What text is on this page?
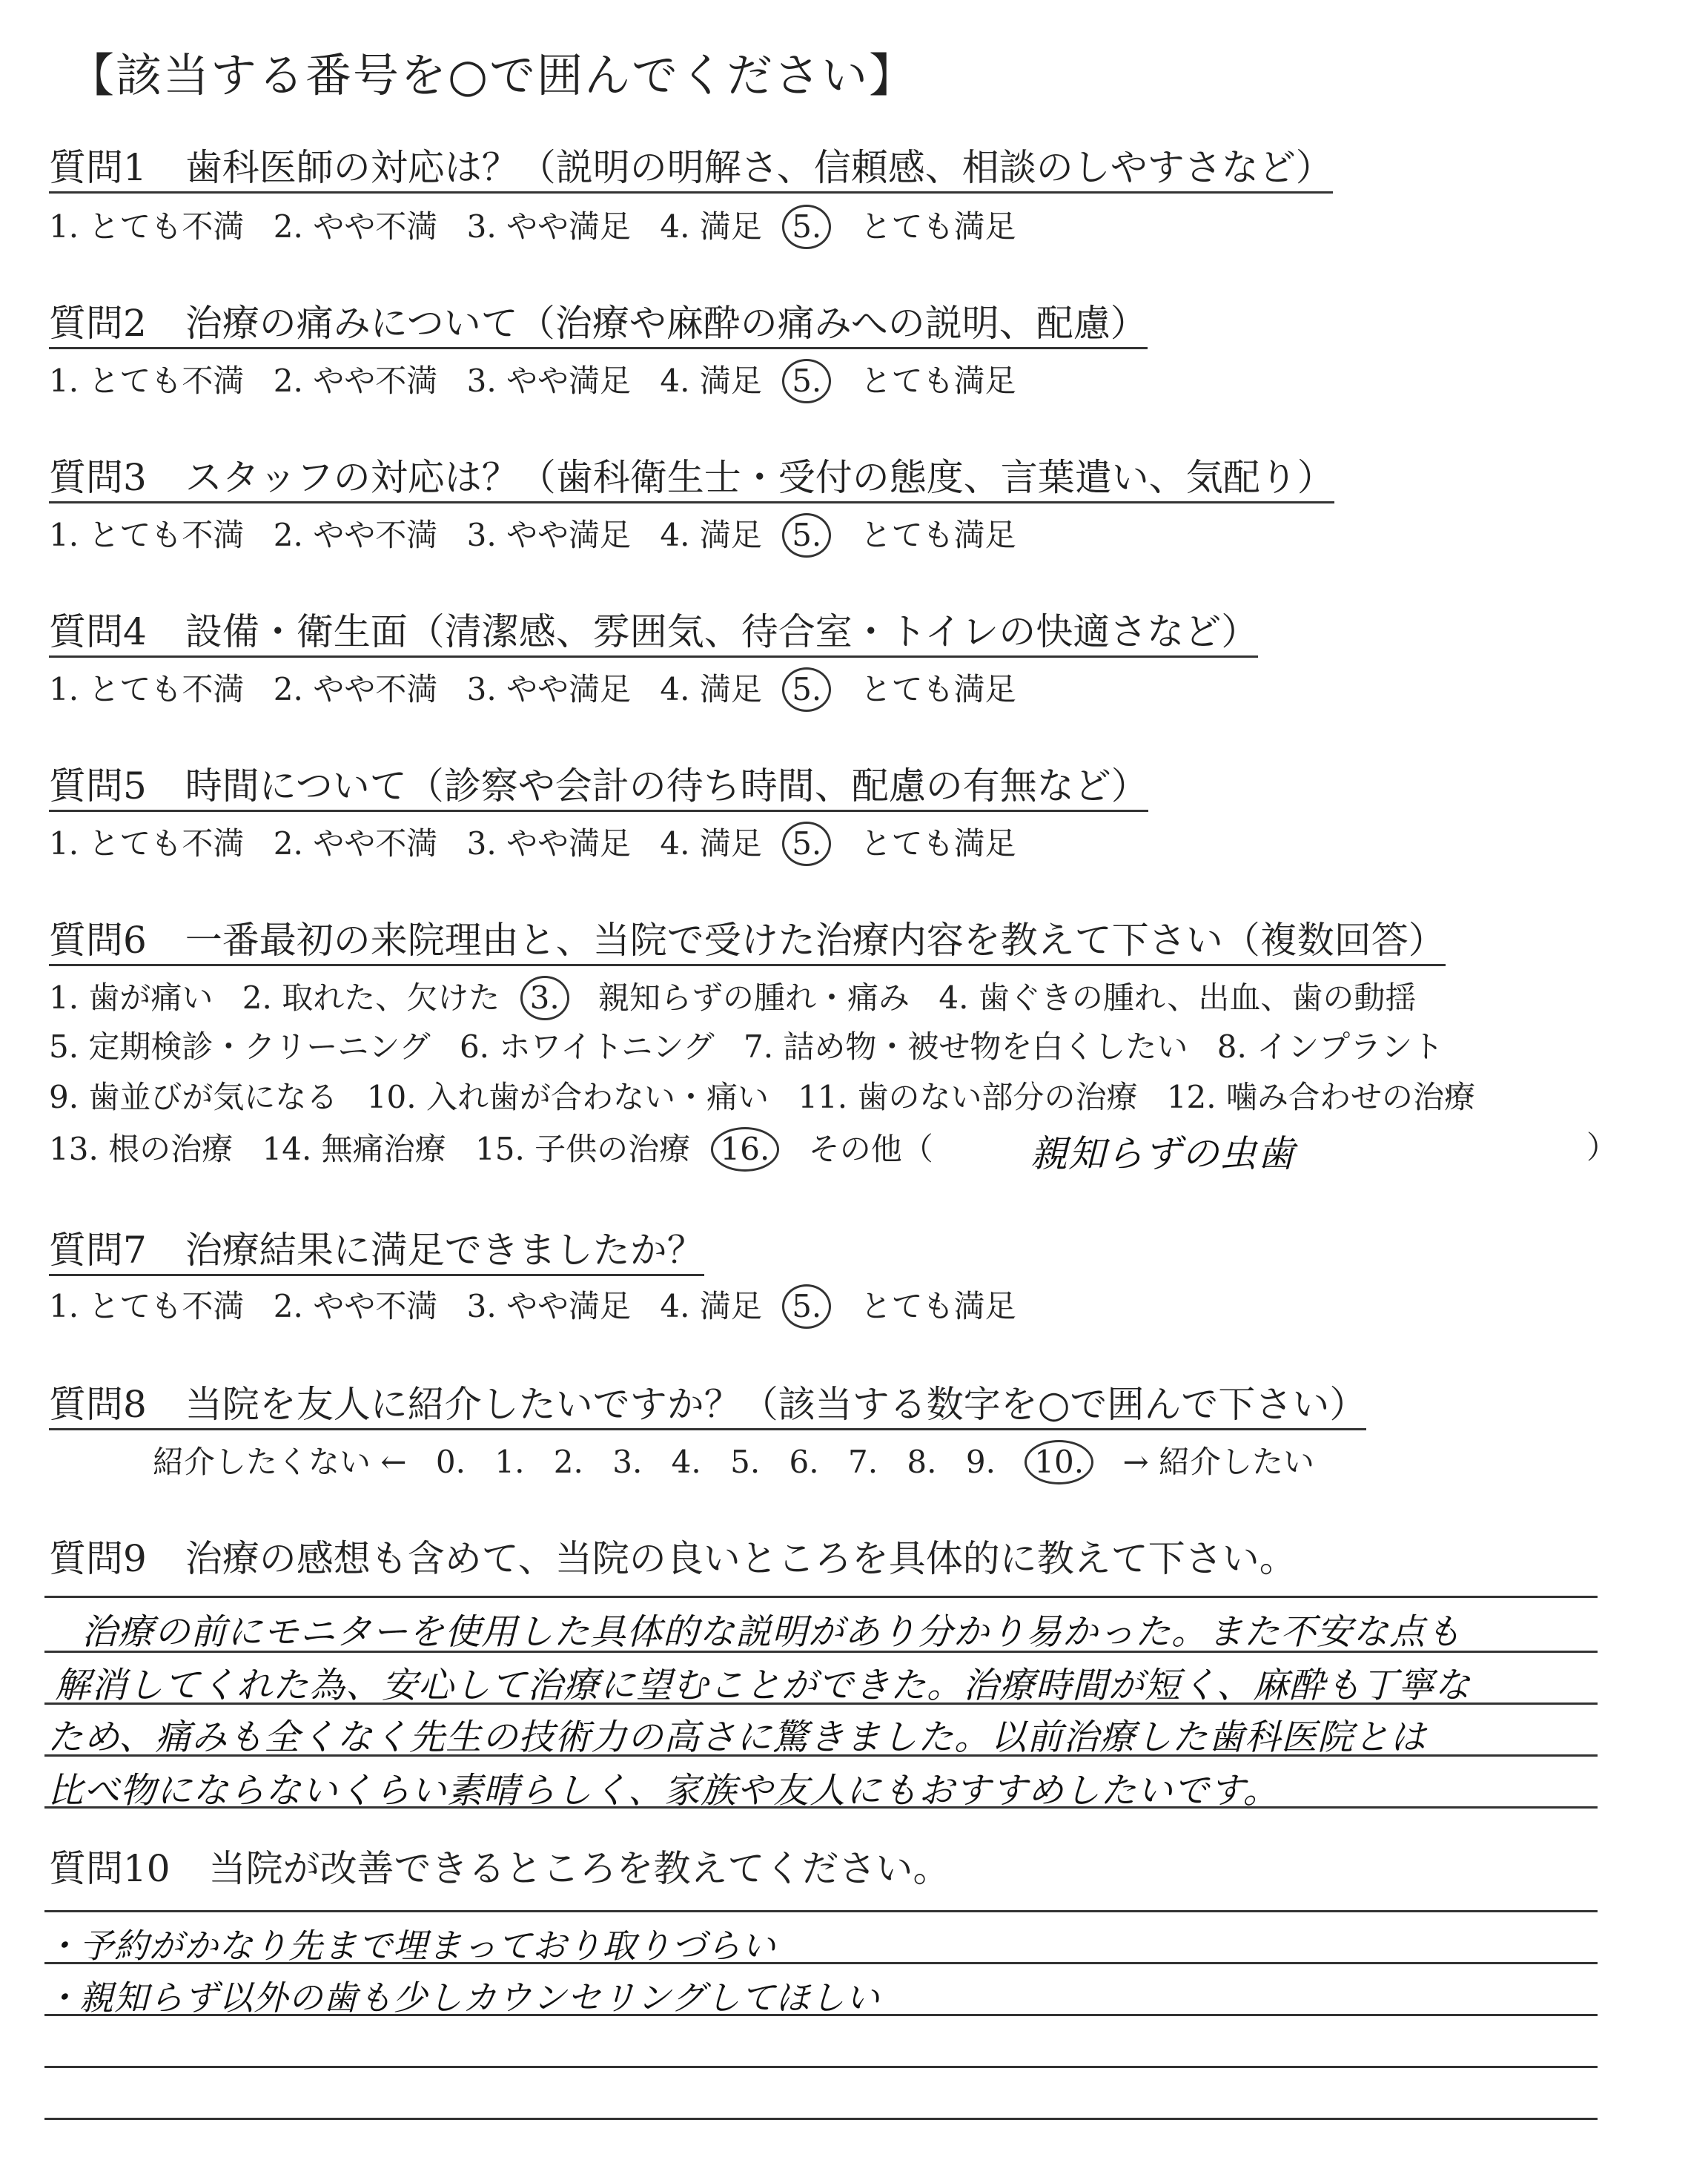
【該当する番号を○で囲んでください】
質問1 歯科医師の対応は？（説明の明解さ、信頼感、相談のしやすさなど）
1. とても不満 2. やや不満 3. やや満足 4. 満足 5. とても満足
質問2 治療の痛みについて（治療や麻酔の痛みへの説明、配慮）
1. とても不満 2. やや不満 3. やや満足 4. 満足 5. とても満足
質問3 スタッフの対応は？（歯科衛生士・受付の態度、言葉遣い、気配り）
1. とても不満 2. やや不満 3. やや満足 4. 満足 5. とても満足
質問4 設備・衛生面（清潔感、雰囲気、待合室・トイレの快適さなど）
1. とても不満 2. やや不満 3. やや満足 4. 満足 5. とても満足
質問5 時間について（診察や会計の待ち時間、配慮の有無など）
1. とても不満 2. やや不満 3. やや満足 4. 満足 5. とても満足
質問6 一番最初の来院理由と、当院で受けた治療内容を教えて下さい（複数回答）
1. 歯が痛い 2. 取れた、欠けた 3. 親知らずの腫れ・痛み 4. 歯ぐきの腫れ、出血、歯の動揺
5. 定期検診・クリーニング 6. ホワイトニング 7. 詰め物・被せ物を白くしたい 8. インプラント
9. 歯並びが気になる 10. 入れ歯が合わない・痛い 11. 歯のない部分の治療 12. 噛み合わせの治療
13. 根の治療 14. 無痛治療 15. 子供の治療 16. その他（	親知らずの虫歯	）
質問7 治療結果に満足できましたか？
1. とても不満 2. やや不満 3. やや満足 4. 満足 5. とても満足
質問8 当院を友人に紹介したいですか？（該当する数字を○で囲んで下さい）
紹介したくない ← 0. 1. 2. 3. 4. 5. 6. 7. 8. 9. 10. → 紹介したい
質問9 治療の感想も含めて、当院の良いところを具体的に教えて下さい。
治療の前にモニターを使用した具体的な説明があり分かり易かった。また不安な点も
解消してくれた為、安心して治療に望むことができた。治療時間が短く、麻酔も丁寧な
ため、痛みも全くなく先生の技術力の高さに驚きました。以前治療した歯科医院とは
比べ物にならないくらい素晴らしく、家族や友人にもおすすめしたいです。
質問10 当院が改善できるところを教えてください。
・予約がかなり先まで埋まっており取りづらい
・親知らず以外の歯も少しカウンセリングしてほしい
